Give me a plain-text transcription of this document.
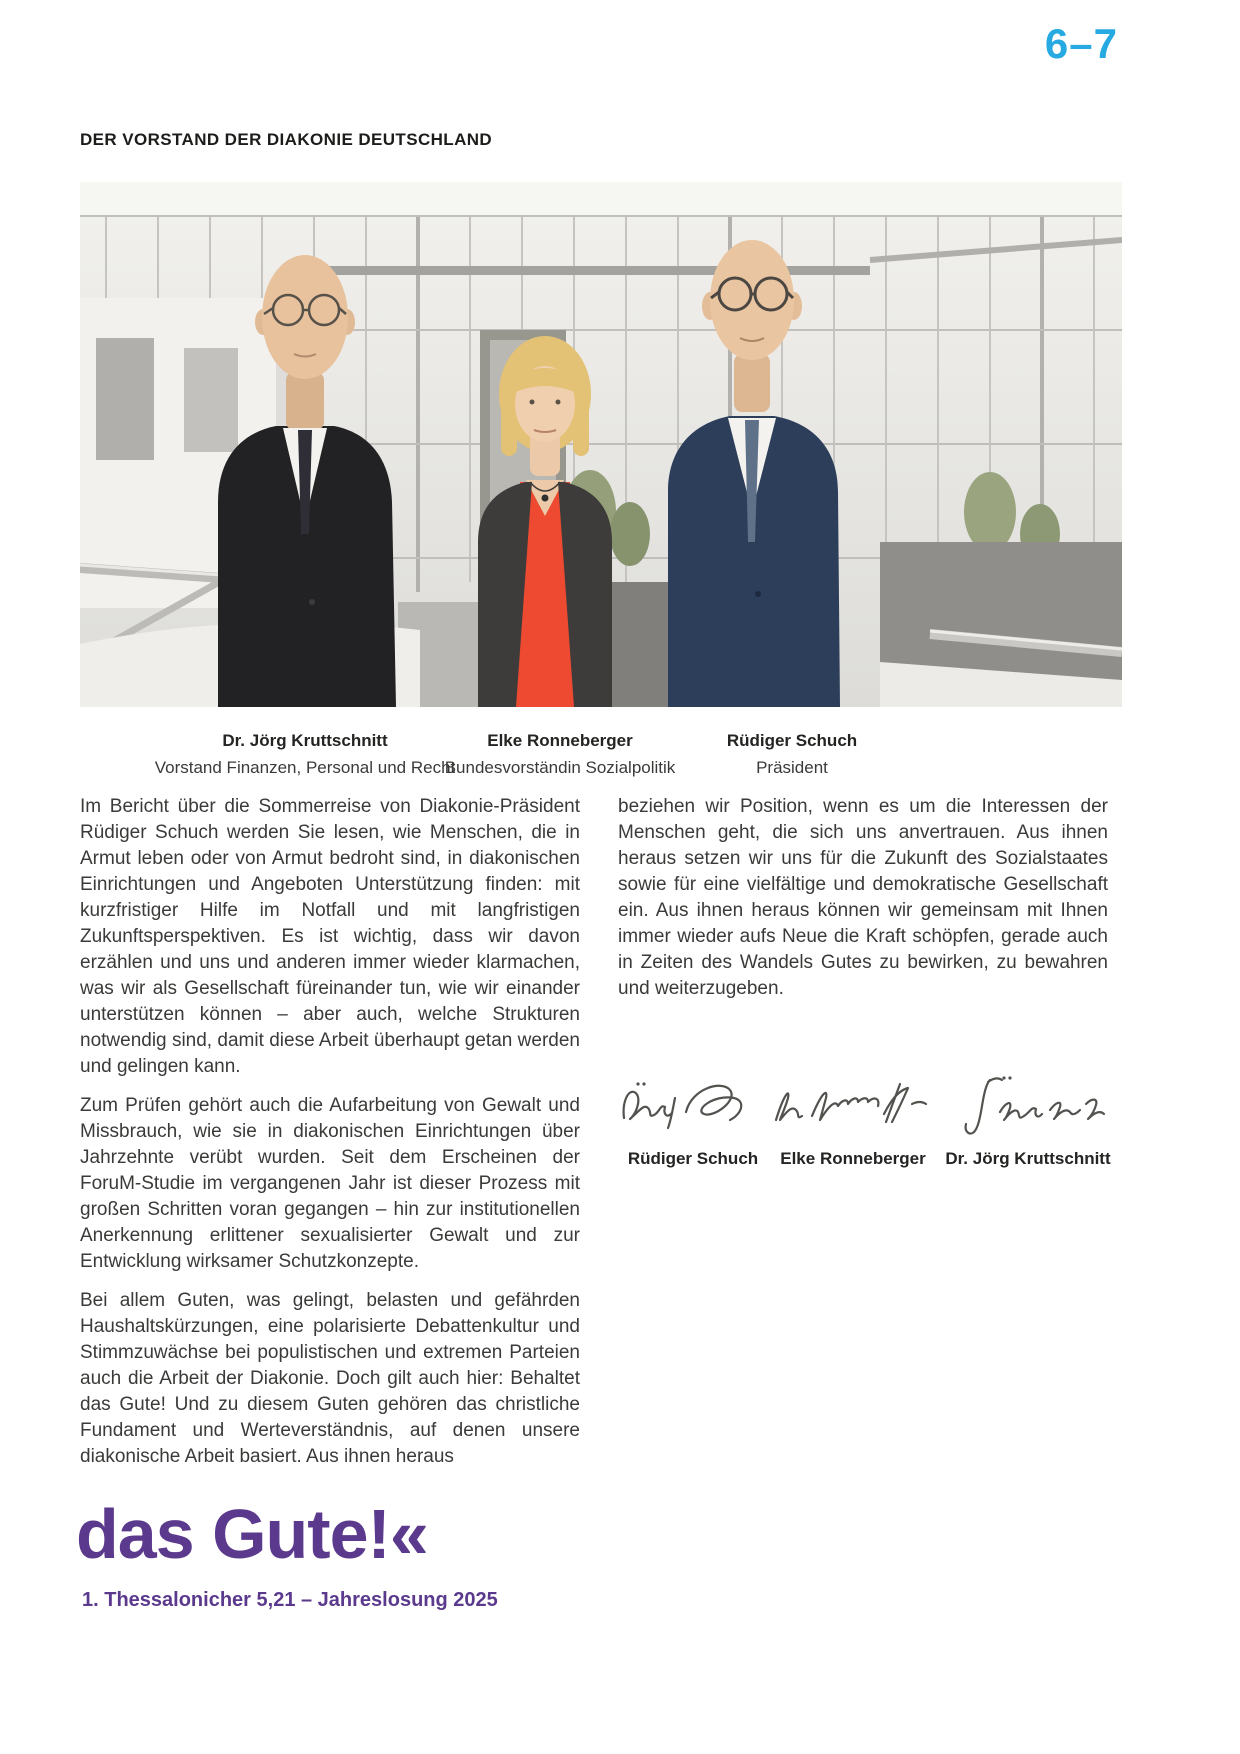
6–7
DER VORSTAND DER DIAKONIE DEUTSCHLAND
Dr. Jörg Kruttschnitt
Vorstand Finanzen, Personal und Recht
Elke Ronneberger
Bundesvorständin Sozialpolitik
Rüdiger Schuch
Präsident

Im Bericht über die Sommerreise von Diakonie-Präsident Rüdiger Schuch werden Sie lesen, wie Menschen, die in Armut leben oder von Armut bedroht sind, in diakonischen Einrichtungen und Angeboten Unterstützung finden: mit kurzfristiger Hilfe im Notfall und mit langfristigen Zukunftsperspektiven. Es ist wichtig, dass wir davon erzählen und uns und anderen immer wieder klarmachen, was wir als Gesellschaft füreinander tun, wie wir einander unterstützen können – aber auch, welche Strukturen notwendig sind, damit diese Arbeit überhaupt getan werden und gelingen kann.

Zum Prüfen gehört auch die Aufarbeitung von Gewalt und Missbrauch, wie sie in diakonischen Einrichtungen über Jahrzehnte verübt wurden. Seit dem Erscheinen der ForuM-Studie im vergangenen Jahr ist dieser Prozess mit großen Schritten voran gegangen – hin zur institutionellen Anerkennung erlittener sexualisierter Gewalt und zur Entwicklung wirksamer Schutzkonzepte.

Bei allem Guten, was gelingt, belasten und gefährden Haushaltskürzungen, eine polarisierte Debattenkultur und Stimmzuwächse bei populistischen und extremen Parteien auch die Arbeit der Diakonie. Doch gilt auch hier: Behaltet das Gute! Und zu diesem Guten gehören das christliche Fundament und Werteverständnis, auf denen unsere diakonische Arbeit basiert. Aus ihnen heraus

beziehen wir Position, wenn es um die Interessen der Menschen geht, die sich uns anvertrauen. Aus ihnen heraus setzen wir uns für die Zukunft des Sozialstaates sowie für eine vielfältige und demokratische Gesellschaft ein. Aus ihnen heraus können wir gemeinsam mit Ihnen immer wieder aufs Neue die Kraft schöpfen, gerade auch in Zeiten des Wandels Gutes zu bewirken, zu bewahren und weiterzugeben.

Rüdiger Schuch Elke Ronneberger Dr. Jörg Kruttschnitt
das Gute!«
1. Thessalonicher 5,21 – Jahreslosung 2025
